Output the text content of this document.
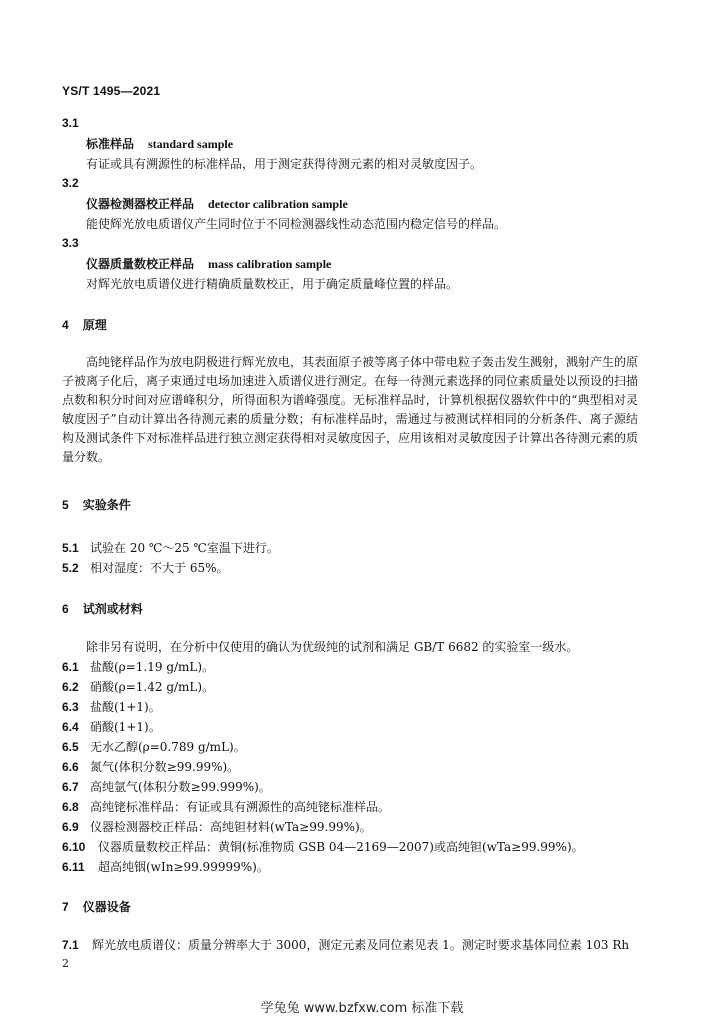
YS/T 1495—2021
3.1
标准样品 standard sample
有证或具有溯源性的标准样品，用于测定获得待测元素的相对灵敏度因子。
3.2
仪器检测器校正样品 detector calibration sample
能使辉光放电质谱仪产生同时位于不同检测器线性动态范围内稳定信号的样品。
3.3
仪器质量数校正样品 mass calibration sample
对辉光放电质谱仪进行精确质量数校正，用于确定质量峰位置的样品。
4 原理
高纯铑样品作为放电阴极进行辉光放电，其表面原子被等离子体中带电粒子轰击发生溅射，溅射产生的原子被离子化后，离子束通过电场加速进入质谱仪进行测定。在每一待测元素选择的同位素质量处以预设的扫描点数和积分时间对应谱峰积分，所得面积为谱峰强度。无标准样品时，计算机根据仪器软件中的“典型相对灵敏度因子”自动计算出各待测元素的质量分数；有标准样品时，需通过与被测试样相同的分析条件、离子源结构及测试条件下对标准样品进行独立测定获得相对灵敏度因子，应用该相对灵敏度因子计算出各待测元素的质量分数。
5 实验条件
5.1 试验在 20 ℃～25 ℃室温下进行。
5.2 相对湿度：不大于 65%。
6 试剂或材料
除非另有说明，在分析中仅使用的确认为优级纯的试剂和满足 GB/T 6682 的实验室一级水。
6.1 盐酸(ρ=1.19 g/mL)。
6.2 硝酸(ρ=1.42 g/mL)。
6.3 盐酸(1+1)。
6.4 硝酸(1+1)。
6.5 无水乙醇(ρ=0.789 g/mL)。
6.6 氮气(体积分数≥99.99%)。
6.7 高纯氩气(体积分数≥99.999%)。
6.8 高纯铑标准样品：有证或具有溯源性的高纯铑标准样品。
6.9 仪器检测器校正样品：高纯钽材料(wTa≥99.99%)。
6.10 仪器质量数校正样品：黄铜(标准物质 GSB 04—2169—2007)或高纯钽(wTa≥99.99%)。
6.11 超高纯铟(wIn≥99.99999%)。
7 仪器设备
7.1 辉光放电质谱仪：质量分辨率大于 3000，测定元素及同位素见表 1。测定时要求基体同位素 103 Rh
2
学兔兔 www.bzfxw.com 标准下载
